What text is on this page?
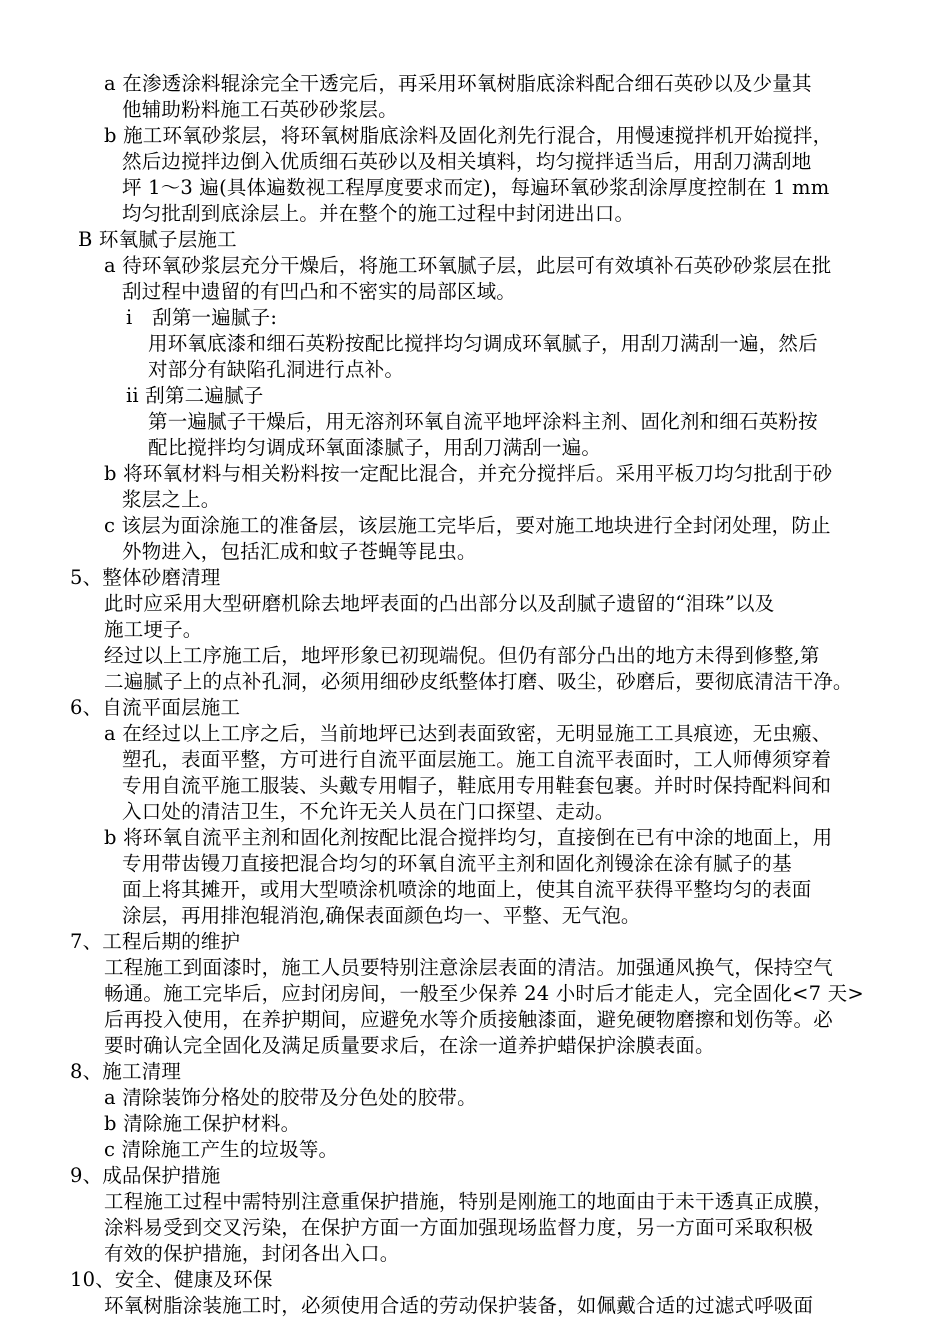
a 在渗透涂料辊涂完全干透完后，再采用环氧树脂底涂料配合细石英砂以及少量其
他辅助粉料施工石英砂砂浆层。
b 施工环氧砂浆层，将环氧树脂底涂料及固化剂先行混合，用慢速搅拌机开始搅拌，
然后边搅拌边倒入优质细石英砂以及相关填料，均匀搅拌适当后，用刮刀满刮地
坪 1～3 遍(具体遍数视工程厚度要求而定)，每遍环氧砂浆刮涂厚度控制在 1 mm
均匀批刮到底涂层上。并在整个的施工过程中封闭进出口。
B 环氧腻子层施工
a 待环氧砂浆层充分干燥后，将施工环氧腻子层，此层可有效填补石英砂砂浆层在批
刮过程中遗留的有凹凸和不密实的局部区域。
i　刮第一遍腻子:
用环氧底漆和细石英粉按配比搅拌均匀调成环氧腻子，用刮刀满刮一遍，然后
对部分有缺陷孔洞进行点补。
ii 刮第二遍腻子
第一遍腻子干燥后，用无溶剂环氧自流平地坪涂料主剂、固化剂和细石英粉按
配比搅拌均匀调成环氧面漆腻子，用刮刀满刮一遍。
b 将环氧材料与相关粉料按一定配比混合，并充分搅拌后。采用平板刀均匀批刮于砂
浆层之上。
c 该层为面涂施工的准备层，该层施工完毕后，要对施工地块进行全封闭处理，防止
外物进入，包括汇成和蚊子苍蝇等昆虫。
5、整体砂磨清理
此时应采用大型研磨机除去地坪表面的凸出部分以及刮腻子遗留的“泪珠”以及
施工埂子。
经过以上工序施工后，地坪形象已初现端倪。但仍有部分凸出的地方未得到修整,第
二遍腻子上的点补孔洞，必须用细砂皮纸整体打磨、吸尘，砂磨后，要彻底清洁干净。
6、自流平面层施工
a 在经过以上工序之后，当前地坪已达到表面致密，无明显施工工具痕迹，无虫瘢、
塑孔，表面平整，方可进行自流平面层施工。施工自流平表面时，工人师傅须穿着
专用自流平施工服装、头戴专用帽子，鞋底用专用鞋套包裹。并时时保持配料间和
入口处的清洁卫生，不允许无关人员在门口探望、走动。
b 将环氧自流平主剂和固化剂按配比混合搅拌均匀，直接倒在已有中涂的地面上，用
专用带齿镘刀直接把混合均匀的环氧自流平主剂和固化剂镘涂在涂有腻子的基
面上将其摊开，或用大型喷涂机喷涂的地面上，使其自流平获得平整均匀的表面
涂层，再用排泡辊消泡,确保表面颜色均一、平整、无气泡。
7、工程后期的维护
工程施工到面漆时，施工人员要特别注意涂层表面的清洁。加强通风换气，保持空气
畅通。施工完毕后，应封闭房间，一般至少保养 24 小时后才能走人，完全固化<7 天>
后再投入使用，在养护期间，应避免水等介质接触漆面，避免硬物磨擦和划伤等。必
要时确认完全固化及满足质量要求后，在涂一道养护蜡保护涂膜表面。
8、施工清理
a 清除装饰分格处的胶带及分色处的胶带。
b 清除施工保护材料。
c 清除施工产生的垃圾等。
9、成品保护措施
工程施工过程中需特别注意重保护措施，特别是刚施工的地面由于未干透真正成膜，
涂料易受到交叉污染，在保护方面一方面加强现场监督力度，另一方面可采取积极
有效的保护措施，封闭各出入口。
10、安全、健康及环保
环氧树脂涂装施工时，必须使用合适的劳动保护装备，如佩戴合适的过滤式呼吸面
